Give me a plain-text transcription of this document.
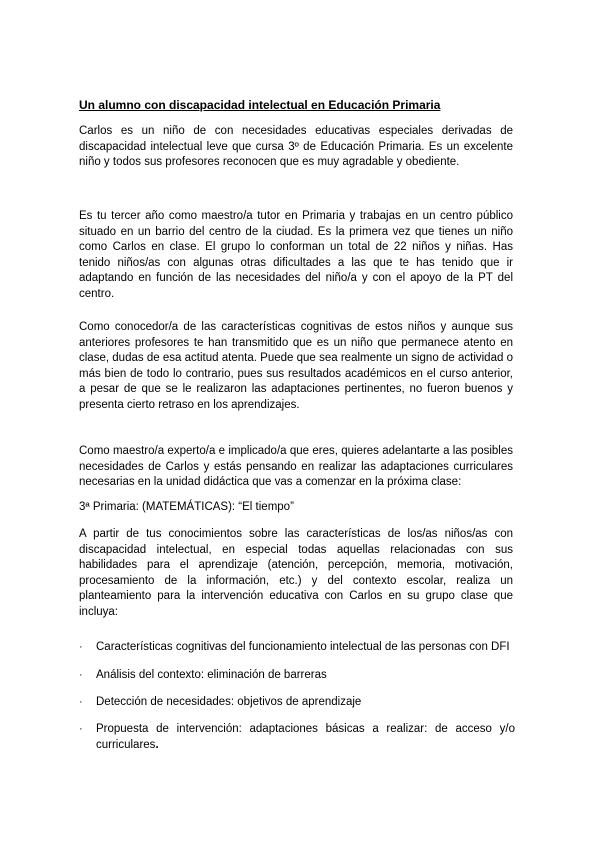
Un alumno con discapacidad intelectual en Educación Primaria

Carlos es un niño de con necesidades educativas especiales derivadas de discapacidad intelectual leve que cursa 3º de Educación Primaria. Es un excelente niño y todos sus profesores reconocen que es muy agradable y obediente.

Es tu tercer año como maestro/a tutor en Primaria y trabajas en un centro público situado en un barrio del centro de la ciudad. Es la primera vez que tienes un niño como Carlos en clase. El grupo lo conforman un total de 22 niños y niñas. Has tenido niños/as con algunas otras dificultades a las que te has tenido que ir adaptando en función de las necesidades del niño/a y con el apoyo de la PT del centro.

Como conocedor/a de las características cognitivas de estos niños y aunque sus anteriores profesores te han transmitido que es un niño que permanece atento en clase, dudas de esa actitud atenta. Puede que sea realmente un signo de actividad o más bien de todo lo contrario, pues sus resultados académicos en el curso anterior, a pesar de que se le realizaron las adaptaciones pertinentes, no fueron buenos y presenta cierto retraso en los aprendizajes.

Como maestro/a experto/a e implicado/a que eres, quieres adelantarte a las posibles necesidades de Carlos y estás pensando en realizar las adaptaciones curriculares necesarias en la unidad didáctica que vas a comenzar en la próxima clase:

3ª Primaria: (MATEMÁTICAS): “El tiempo”

A partir de tus conocimientos sobre las características de los/as niños/as con discapacidad intelectual, en especial todas aquellas relacionadas con sus habilidades para el aprendizaje (atención, percepción, memoria, motivación, procesamiento de la información, etc.) y del contexto escolar, realiza un planteamiento para la intervención educativa con Carlos en su grupo clase que incluya:

·	Características cognitivas del funcionamiento intelectual de las personas con DFI
·	Análisis del contexto: eliminación de barreras
·	Detección de necesidades: objetivos de aprendizaje
·	Propuesta de intervención: adaptaciones básicas a realizar: de acceso y/o curriculares.
